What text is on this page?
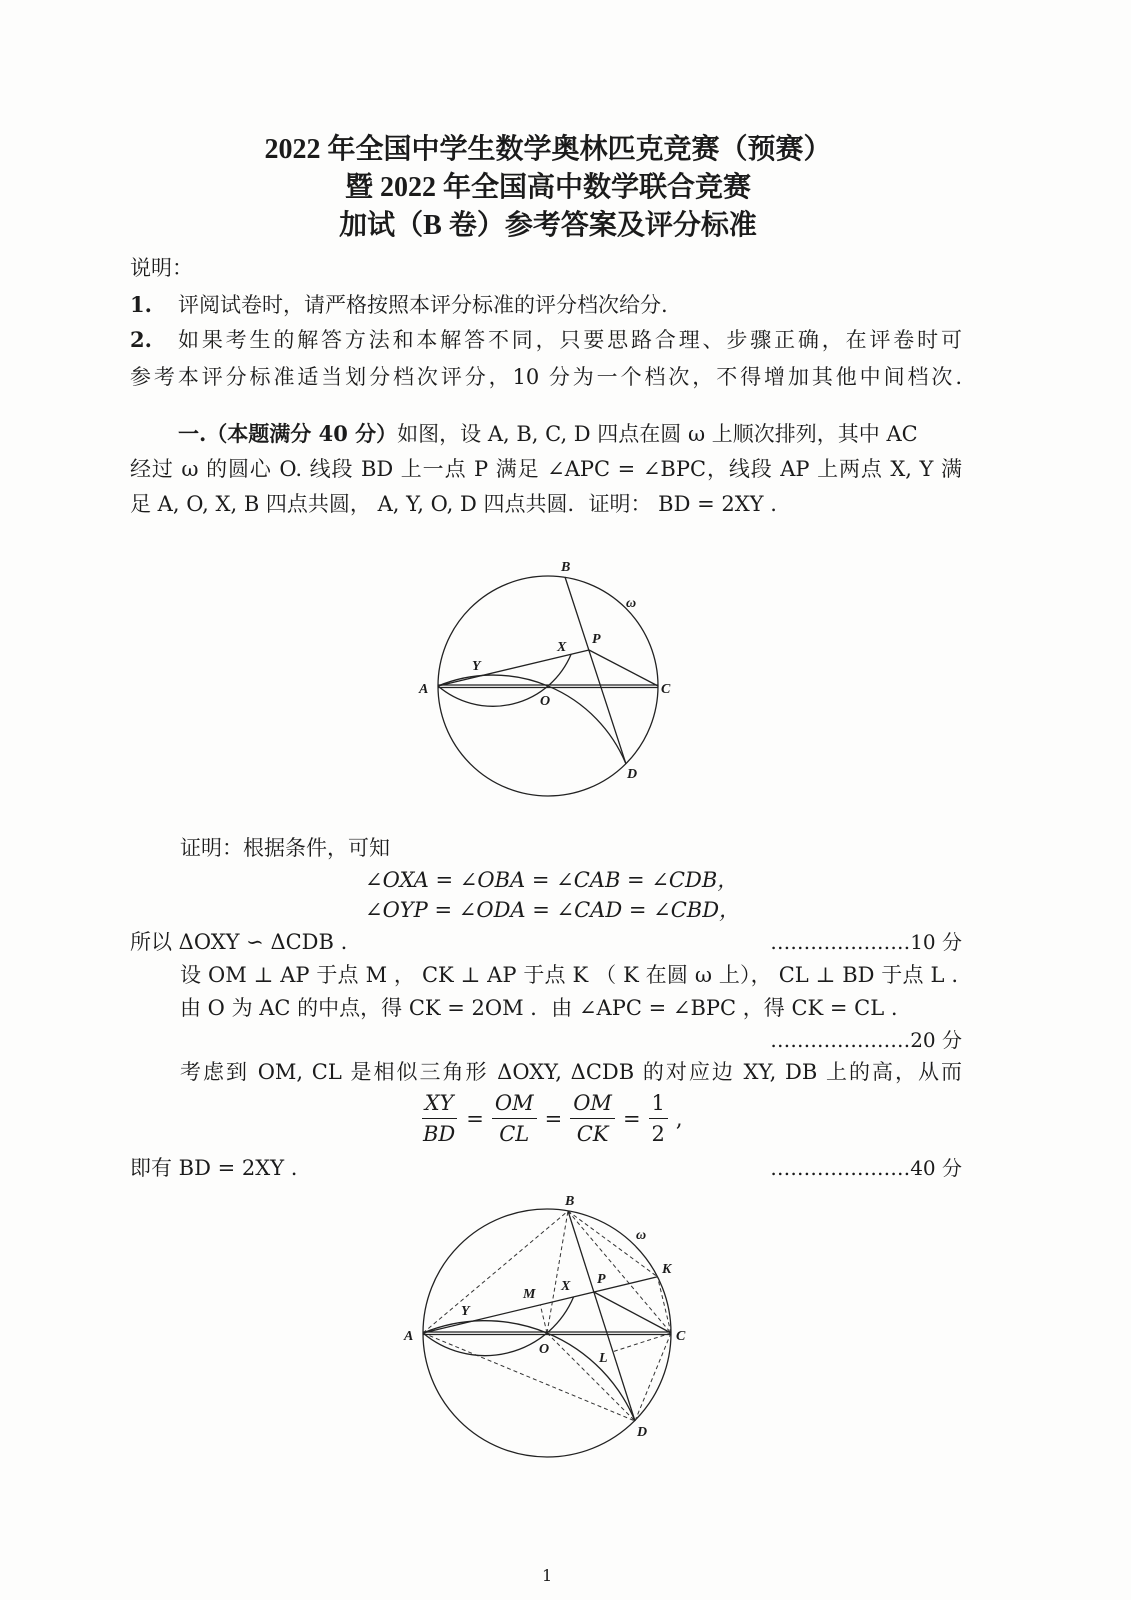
2022 年全国中学生数学奥林匹克竞赛（预赛）
暨 2022 年全国高中数学联合竞赛
加试（B 卷）参考答案及评分标准
说明：
1. 评阅试卷时，请严格按照本评分标准的评分档次给分.
2. 如果考生的解答方法和本解答不同，只要思路合理、步骤正确，在评卷时可
参考本评分标准适当划分档次评分，10 分为一个档次，不得增加其他中间档次.
一.（本题满分 40 分）如图，设 A, B, C, D 四点在圆 ω 上顺次排列，其中 AC
经过 ω 的圆心 O. 线段 BD 上一点 P 满足 ∠APC = ∠BPC，线段 AP 上两点 X, Y 满
足 A, O, X, B 四点共圆， A, Y, O, D 四点共圆．证明： BD = 2XY .
B
ω
X
P
Y
A
O
C
D
证明：根据条件，可知
∠OXA = ∠OBA = ∠CAB = ∠CDB，
∠OYP = ∠ODA = ∠CAD = ∠CBD，
所以 ΔOXY ∽ ΔCDB .	…………………10 分
设 OM ⊥ AP 于点 M ， CK ⊥ AP 于点 K （ K 在圆 ω 上）， CL ⊥ BD 于点 L .
由 O 为 AC 的中点，得 CK = 2OM ．由 ∠APC = ∠BPC ，得 CK = CL .
…………………20 分
考虑到 OM, CL 是相似三角形 ΔOXY, ΔCDB 的对应边 XY, DB 上的高，从而
$\frac{XY}{BD} = \frac{OM}{CL} = \frac{OM}{CK} = \frac{1}{2}$ ,
即有 BD = 2XY .	…………………40 分
B
ω
K
M
X P
Y
A
O
C
L
D
1
